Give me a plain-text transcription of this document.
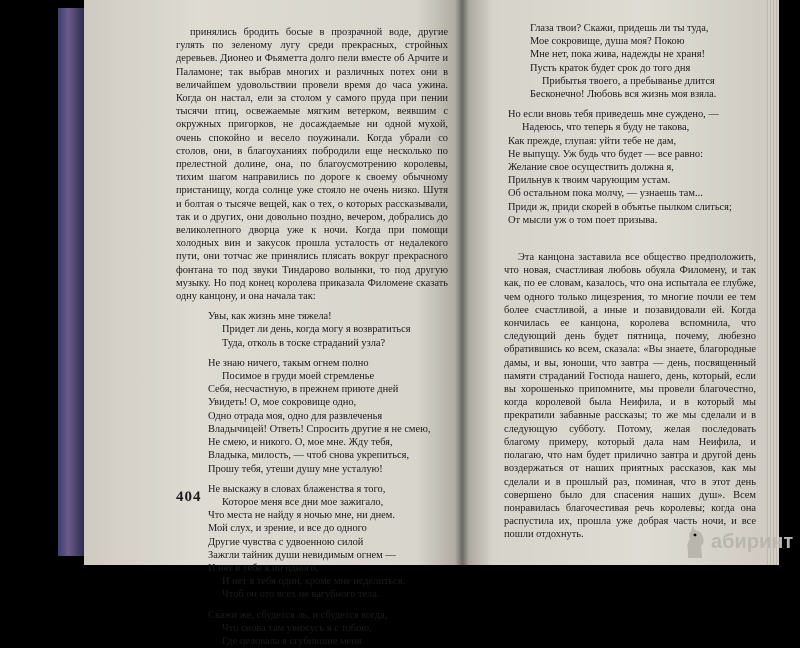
принялись бродить босые в прозрачной воде, другие гулять по зеленому лугу среди прекрасных, стройных деревьев. Дионео и Фьяметта долго пели вместе об Арчите и Паламоне; так выбрав многих и различных потех они в величайшем удовольствии провели время до часа ужина. Когда он настал, ели за столом у самого пруда при пении тысячи птиц, освежаемые мягким ветерком, веявшим с окружных пригорков, не досаждаемые ни одной мухой, очень спокойно и весело поужинали. Когда убрали со столов, они, в благоуханиях побродили еще несколько по прелестной долине, она, по благоусмотрению королевы, тихим шагом направились по дороге к своему обычному пристанищу, когда солнце уже стояло не очень низко. Шутя и болтая о тысяче вещей, как о тех, о которых рассказывали, так и о других, они довольно поздно, вечером, добрались до великолепного дворца уже к ночи. Когда при помощи холодных вин и закусок прошла усталость от недалекого пути, они тотчас же принялись плясать вокруг прекрасного фонтана то под звуки Тиндарово волынки, то под другую музыку. Но под конец королева приказала Филомене сказать одну канцону, и она начала так:

Увы, как жизнь мне тяжела!
Придет ли день, когда могу я возвратиться
Туда, отколь в тоске страданий узла?
Не знаю ничего, такым огнем полно
Посимое в груди моей стремленье
Себя, несчастную, в прежнем приюте дней
Увидеть! О, мое сокровище одно,
Одно отрада моя, одно для развлеченья
Владычицей! Ответь! Спросить другие я не смею,
Не смею, и никого. О, мое мне. Жду тебя,
Владыка, милость, — чтоб снова укрепиться,
Прошу тебя, утеши душу мне усталую!
Не выскажу в словах блаженства я того,
Которое меня все дни мое зажигало,
Что места не найду я ночью мне, ни днем.
Мой слух, и зрение, и все до одного
Другие чувства с удвоенною силой
Зажгли тайник души невидимым огнем —
И нет в тебе я ни одного,
И нет я тебя один, кроме мне неделиться.
Чтоб он ото всех не вагубного тела.
Скажи же, сбудется ль, и сбудется когда,
Что снова там увижусь я с тобою,
Где целовала я сгубившие меня
404
Глаза твои? Скажи, придешь ли ты туда,
Мое сокровище, душа моя? Покою
Мне нет, пока жива, надежды не храня!
Пусть краток будет срок до того дня
Прибытья твоего, а пребыванье длится
Бесконечно! Любовь вся жизнь моя взяла.
Но если вновь тебя приведешь мне суждено, —
Надеюсь, что теперь я буду не такова,
Как прежде, глупая: уйти тебе не дам,
Не выпущу. Уж будь что будет — все равно:
Желание свое осуществить должна я,
Прильнув к твоим чарующим устам.
Об остальном пока молчу, — узнаешь там...
Приди ж, приди скорей в объятье пылком слиться;
От мысли уж о том поет призыва.

Эта канцона заставила все общество предположить, что новая, счастливая любовь обуяла Филомену, и так как, по ее словам, казалось, что она испытала ее глубже, чем одного только лицезрения, то многие почли ее тем более счастливой, а иные и позавидовали ей. Когда кончилась ее канцона, королева вспомнила, что следующий день будет пятница, почему, любезно обратившись ко всем, сказала: «Вы знаете, благородные дамы, и вы, юноши, что завтра — день, посвященный памяти страданий Господа нашего, день, который, если вы хорошенько припомните, мы провели благочестно, когда королевой была Неифила, и в который мы прекратили забавные рассказы; то же мы сделали и в следующую субботу. Потому, желая последовать благому примеру, который дала нам Неифила, и полагаю, что нам будет прилично завтра и другой день воздержаться от наших приятных рассказов, как мы сделали и в прошлый раз, поминая, что в этот день совершено было для спасения наших душ». Всем понравилась благочестивая речь королевы; когда она распустила их, прошла уже добрая часть ночи, и все пошли отдохнуть.	абиринт
